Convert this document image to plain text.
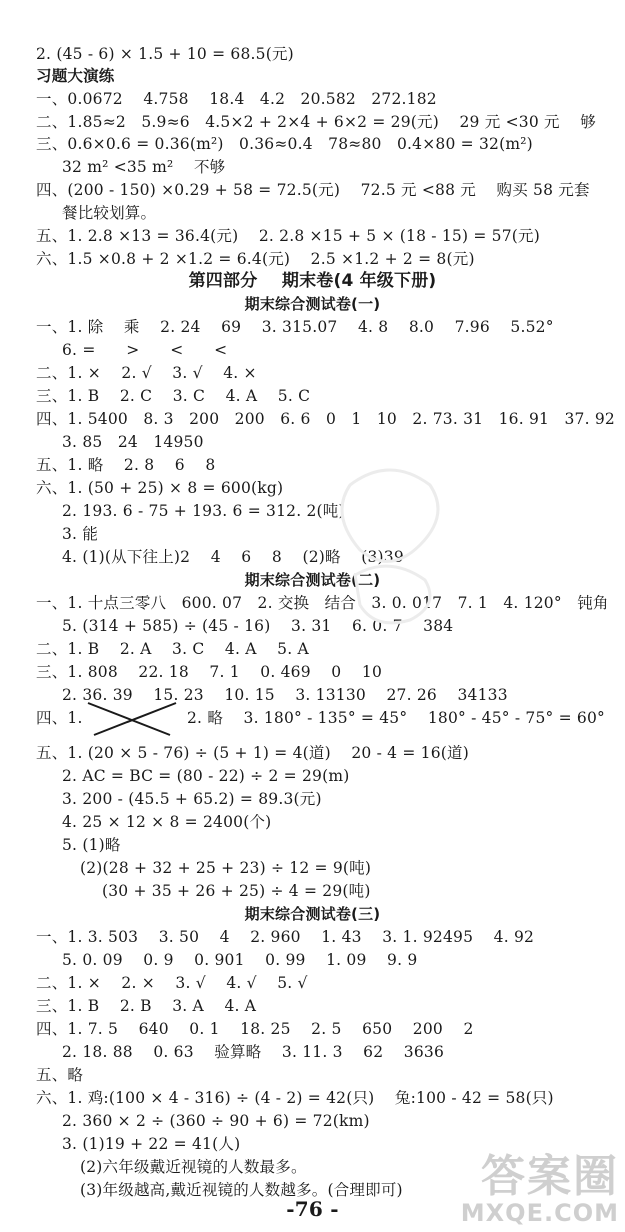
2. (45 - 6) × 1.5 + 10 = 68.5(元)
习题大演练
一、0.0672    4.758    18.4   4.2   20.582   272.182
二、1.85≈2   5.9≈6   4.5×2 + 2×4 + 6×2 = 29(元)    29 元 <30 元    够
三、0.6×0.6 = 0.36(m²)   0.36≈0.4   78≈80   0.4×80 = 32(m²)
32 m² <35 m²    不够
四、(200 - 150) ×0.29 + 58 = 72.5(元)    72.5 元 <88 元    购买 58 元套
餐比较划算。
五、1. 2.8 ×13 = 36.4(元)    2. 2.8 ×15 + 5 × (18 - 15) = 57(元)
六、1.5 ×0.8 + 2 ×1.2 = 6.4(元)    2.5 ×1.2 + 2 = 8(元)
第四部分    期末卷(4 年级下册)
期末综合测试卷(一)
一、1. 除    乘    2. 24    69    3. 315.07    4. 8    8.0    7.96    5.52°
6. =      >      <      <
二、1. ×    2. √    3. √    4. ×
三、1. B    2. C    3. C    4. A    5. C
四、1. 5400   8. 3   200   200   6. 6   0   1   10   2. 73. 31   16. 91   37. 92
3. 85   24   14950
五、1. 略    2. 8    6    8
六、1. (50 + 25) × 8 = 600(kg)
2. 193. 6 - 75 + 193. 6 = 312. 2(吨)
3. 能
4. (1)(从下往上)2    4    6    8    (2)略    (3)39
期末综合测试卷(二)
一、1. 十点三零八   600. 07   2. 交换   结合   3. 0. 017   7. 1   4. 120°   钝角
5. (314 + 585) ÷ (45 - 16)    3. 31    6. 0. 7    384
二、1. B    2. A    3. C    4. A    5. A
三、1. 808    22. 18    7. 1    0. 469    0    10
2. 36. 39    15. 23    10. 15    3. 13130    27. 26    34133
四、1.	2. 略    3. 180° - 135° = 45°    180° - 45° - 75° = 60°
五、1. (20 × 5 - 76) ÷ (5 + 1) = 4(道)    20 - 4 = 16(道)
2. AC = BC = (80 - 22) ÷ 2 = 29(m)
3. 200 - (45.5 + 65.2) = 89.3(元)
4. 25 × 12 × 8 = 2400(个)
5. (1)略
(2)(28 + 32 + 25 + 23) ÷ 12 = 9(吨)
(30 + 35 + 26 + 25) ÷ 4 = 29(吨)
期末综合测试卷(三)
一、1. 3. 503    3. 50    4    2. 960    1. 43    3. 1. 92495    4. 92
5. 0. 09    0. 9    0. 901    0. 99    1. 09    9. 9
二、1. ×    2. ×    3. √    4. √    5. √
三、1. B    2. B    3. A    4. A
四、1. 7. 5    640    0. 1    18. 25    2. 5    650    200    2
2. 18. 88    0. 63    验算略    3. 11. 3    62    3636
五、略
六、1. 鸡:(100 × 4 - 316) ÷ (4 - 2) = 42(只)    兔:100 - 42 = 58(只)
2. 360 × 2 ÷ (360 ÷ 90 + 6) = 72(km)
3. (1)19 + 22 = 41(人)
(2)六年级戴近视镜的人数最多。
(3)年级越高,戴近视镜的人数越多。(合理即可)
-76 -
答案圈
MXQE.COM
